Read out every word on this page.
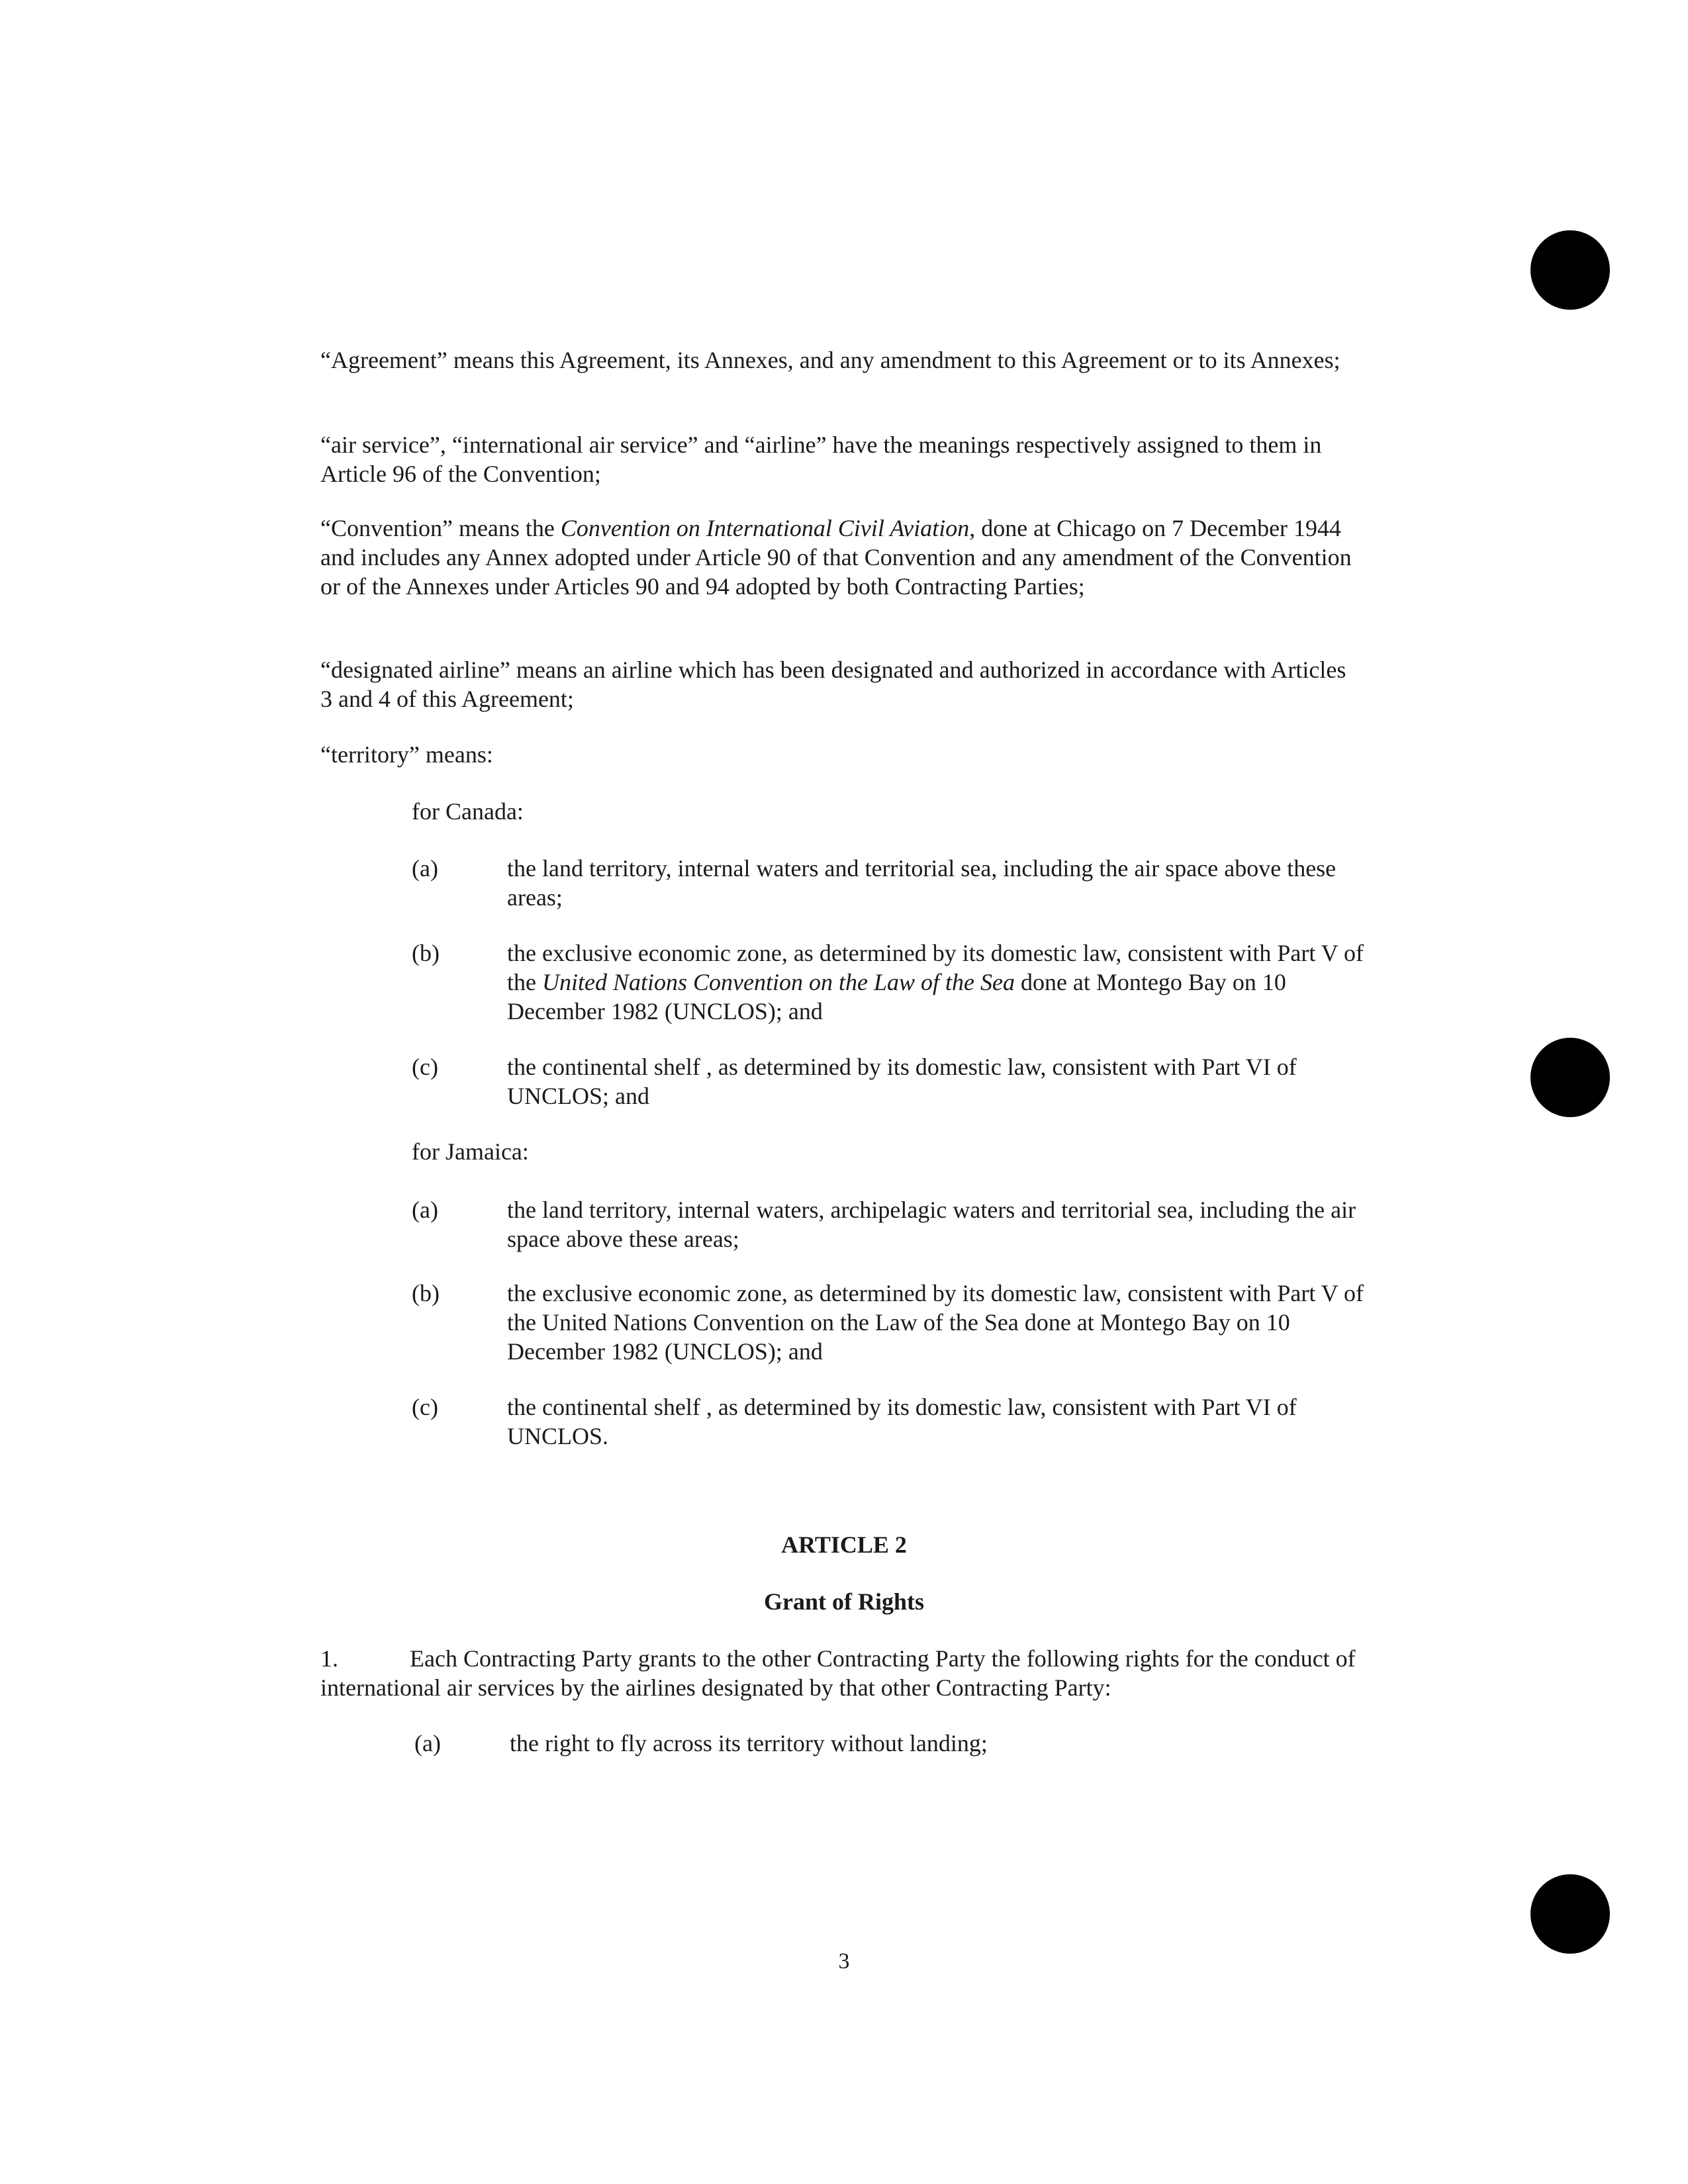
“Agreement” means this Agreement, its Annexes, and any amendment to this Agreement or to its Annexes;

“air service”, “international air service” and “airline” have the meanings respectively assigned to them in Article 96 of the Convention;

“Convention” means the Convention on International Civil Aviation, done at Chicago on 7 December 1944 and includes any Annex adopted under Article 90 of that Convention and any amendment of the Convention or of the Annexes under Articles 90 and 94 adopted by both Contracting Parties;

“designated airline” means an airline which has been designated and authorized in accordance with Articles 3 and 4 of this Agreement;

“territory” means:

for Canada:

(a)	the land territory, internal waters and territorial sea, including the air space above these areas;

(b)	the exclusive economic zone, as determined by its domestic law, consistent with Part V of the United Nations Convention on the Law of the Sea done at Montego Bay on 10 December 1982 (UNCLOS); and

(c)	the continental shelf , as determined by its domestic law, consistent with Part VI of UNCLOS; and

for Jamaica:

(a)	the land territory, internal waters, archipelagic waters and territorial sea, including the air space above these areas;

(b)	the exclusive economic zone, as determined by its domestic law, consistent with Part V of the United Nations Convention on the Law of the Sea done at Montego Bay on 10 December 1982 (UNCLOS); and

(c)	the continental shelf , as determined by its domestic law, consistent with Part VI of UNCLOS.

ARTICLE 2

Grant of Rights

1.	Each Contracting Party grants to the other Contracting Party the following rights for the conduct of international air services by the airlines designated by that other Contracting Party:

(a)	the right to fly across its territory without landing;

3
